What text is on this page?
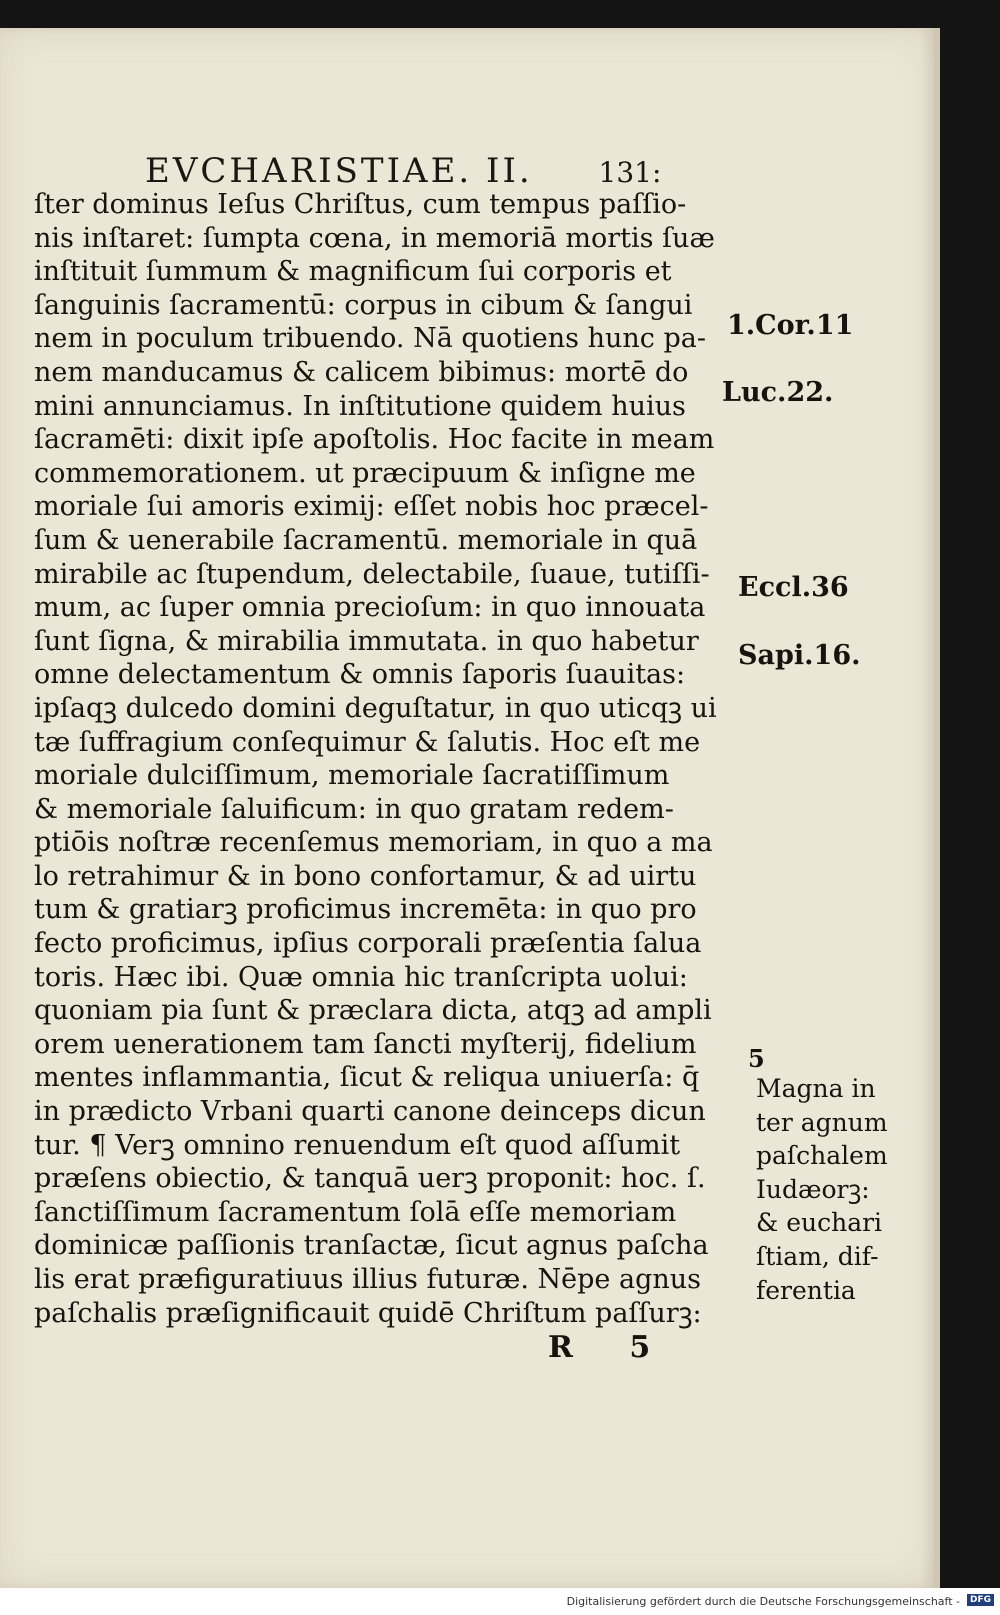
EVCHARISTIAE. II. 131:
ſter dominus Ieſus Chriſtus, cum tempus paſſio-
nis inſtaret: ſumpta cœna, in memoriā mortis ſuæ
inſtituit ſummum & magnificum ſui corporis et
ſanguinis ſacramentū: corpus in cibum & ſangui
nem in poculum tribuendo. Nā quotiens hunc pa-
nem manducamus & calicem bibimus: mortē do
mini annunciamus. In inſtitutione quidem huius
ſacramēti: dixit ipſe apoſtolis. Hoc facite in meam
commemorationem. ut præcipuum & inſigne me
moriale ſui amoris eximij: eſſet nobis hoc præcel-
ſum & uenerabile ſacramentū. memoriale in quā
mirabile ac ſtupendum, delectabile, ſuaue, tutiſſi-
mum, ac ſuper omnia precioſum: in quo innouata
ſunt ſigna, & mirabilia immutata. in quo habetur
omne delectamentum & omnis ſaporis ſuauitas:
ipſaqꝫ dulcedo domini deguſtatur, in quo uticqꝫ ui
tæ ſuffragium conſequimur & ſalutis. Hoc eſt me
moriale dulciſſimum, memoriale ſacratiſſimum
& memoriale ſaluificum: in quo gratam redem-
ptiōis noſtræ recenſemus memoriam, in quo a ma
lo retrahimur & in bono confortamur, & ad uirtu
tum & gratiarꝫ proficimus incremēta: in quo pro
fecto proficimus, ipſius corporali præſentia ſalua
toris. Hæc ibi. Quæ omnia hic tranſcripta uolui:
quoniam pia ſunt & præclara dicta, atqꝫ ad ampli
orem uenerationem tam ſancti myſterij, fidelium
mentes inflammantia, ſicut & reliqua uniuerſa: q̄
in prædicto Vrbani quarti canone deinceps dicun
tur. ¶ Verꝫ omnino renuendum eſt quod aſſumit
præſens obiectio, & tanquā uerꝫ proponit: hoc. ſ.
ſanctiſſimum ſacramentum ſolā eſſe memoriam
dominicæ paſſionis tranſactæ, ſicut agnus paſcha
lis erat præfiguratiuus illius futuræ. Nēpe agnus
paſchalis præſignificauit quidē Chriſtum paſſurꝫ:
1.Cor.11
Luc.22.
Eccl.36
Sapi.16.
5
Magna in
ter agnum
paſchalem
Iudæorꝫ:
& euchari
ſtiam, dif-
ferentia
R 5
Digitalisierung gefördert durch die Deutsche Forschungsgemeinschaft -	DFG
